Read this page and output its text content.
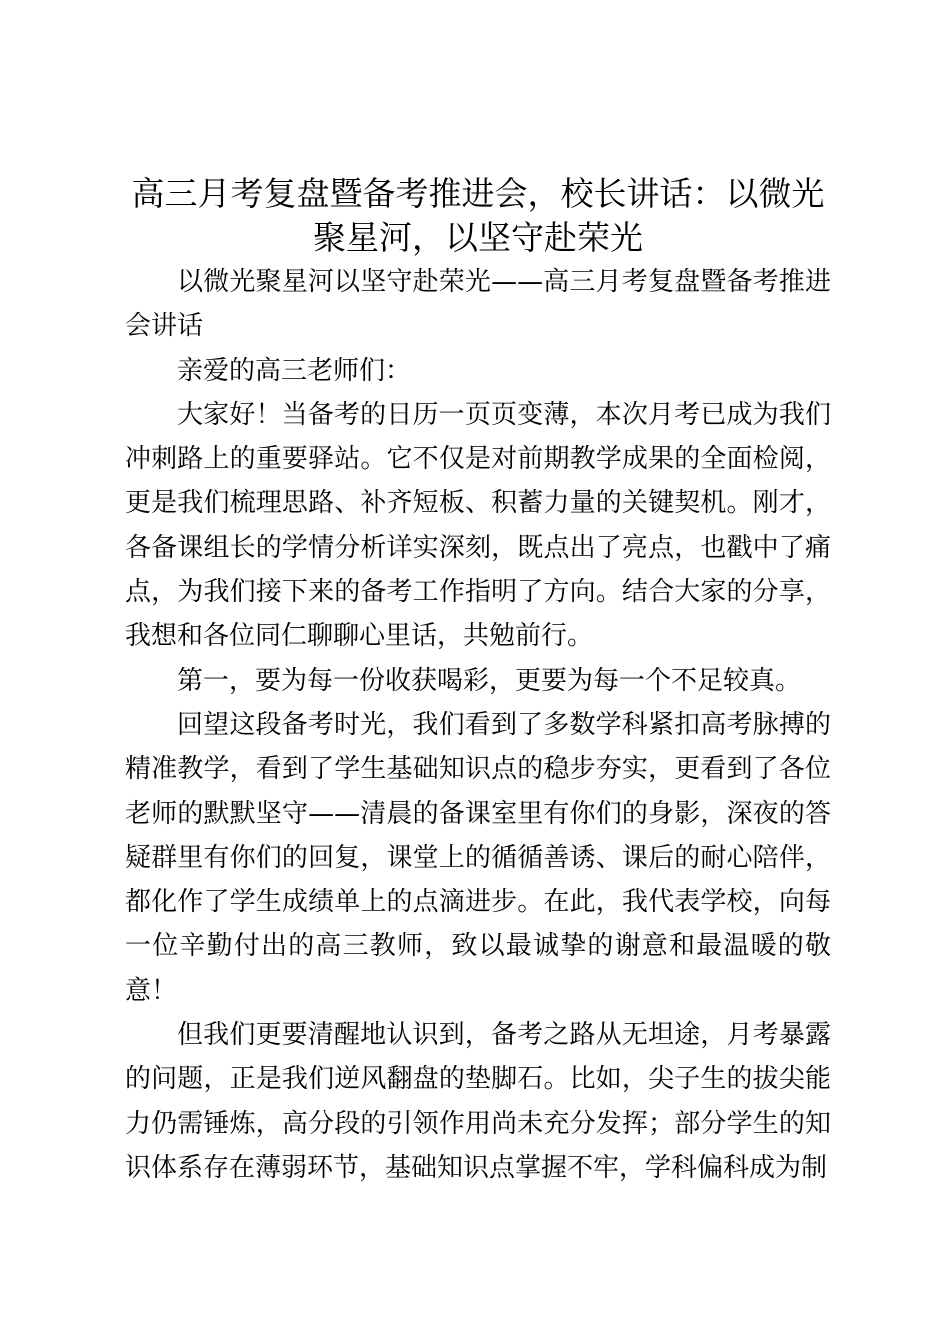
高三月考复盘暨备考推进会，校长讲话：以微光聚星河，以坚守赴荣光

以微光聚星河以坚守赴荣光——高三月考复盘暨备考推进会讲话

亲爱的高三老师们：

大家好！当备考的日历一页页变薄，本次月考已成为我们冲刺路上的重要驿站。它不仅是对前期教学成果的全面检阅，更是我们梳理思路、补齐短板、积蓄力量的关键契机。刚才，各备课组长的学情分析详实深刻，既点出了亮点，也戳中了痛点，为我们接下来的备考工作指明了方向。结合大家的分享，我想和各位同仁聊聊心里话，共勉前行。

第一，要为每一份收获喝彩，更要为每一个不足较真。

回望这段备考时光，我们看到了多数学科紧扣高考脉搏的精准教学，看到了学生基础知识点的稳步夯实，更看到了各位老师的默默坚守——清晨的备课室里有你们的身影，深夜的答疑群里有你们的回复，课堂上的循循善诱、课后的耐心陪伴，都化作了学生成绩单上的点滴进步。在此，我代表学校，向每一位辛勤付出的高三教师，致以最诚挚的谢意和最温暖的敬意！

但我们更要清醒地认识到，备考之路从无坦途，月考暴露的问题，正是我们逆风翻盘的垫脚石。比如，尖子生的拔尖能力仍需锤炼，高分段的引领作用尚未充分发挥；部分学生的知识体系存在薄弱环节，基础知识点掌握不牢，学科偏科成为制
